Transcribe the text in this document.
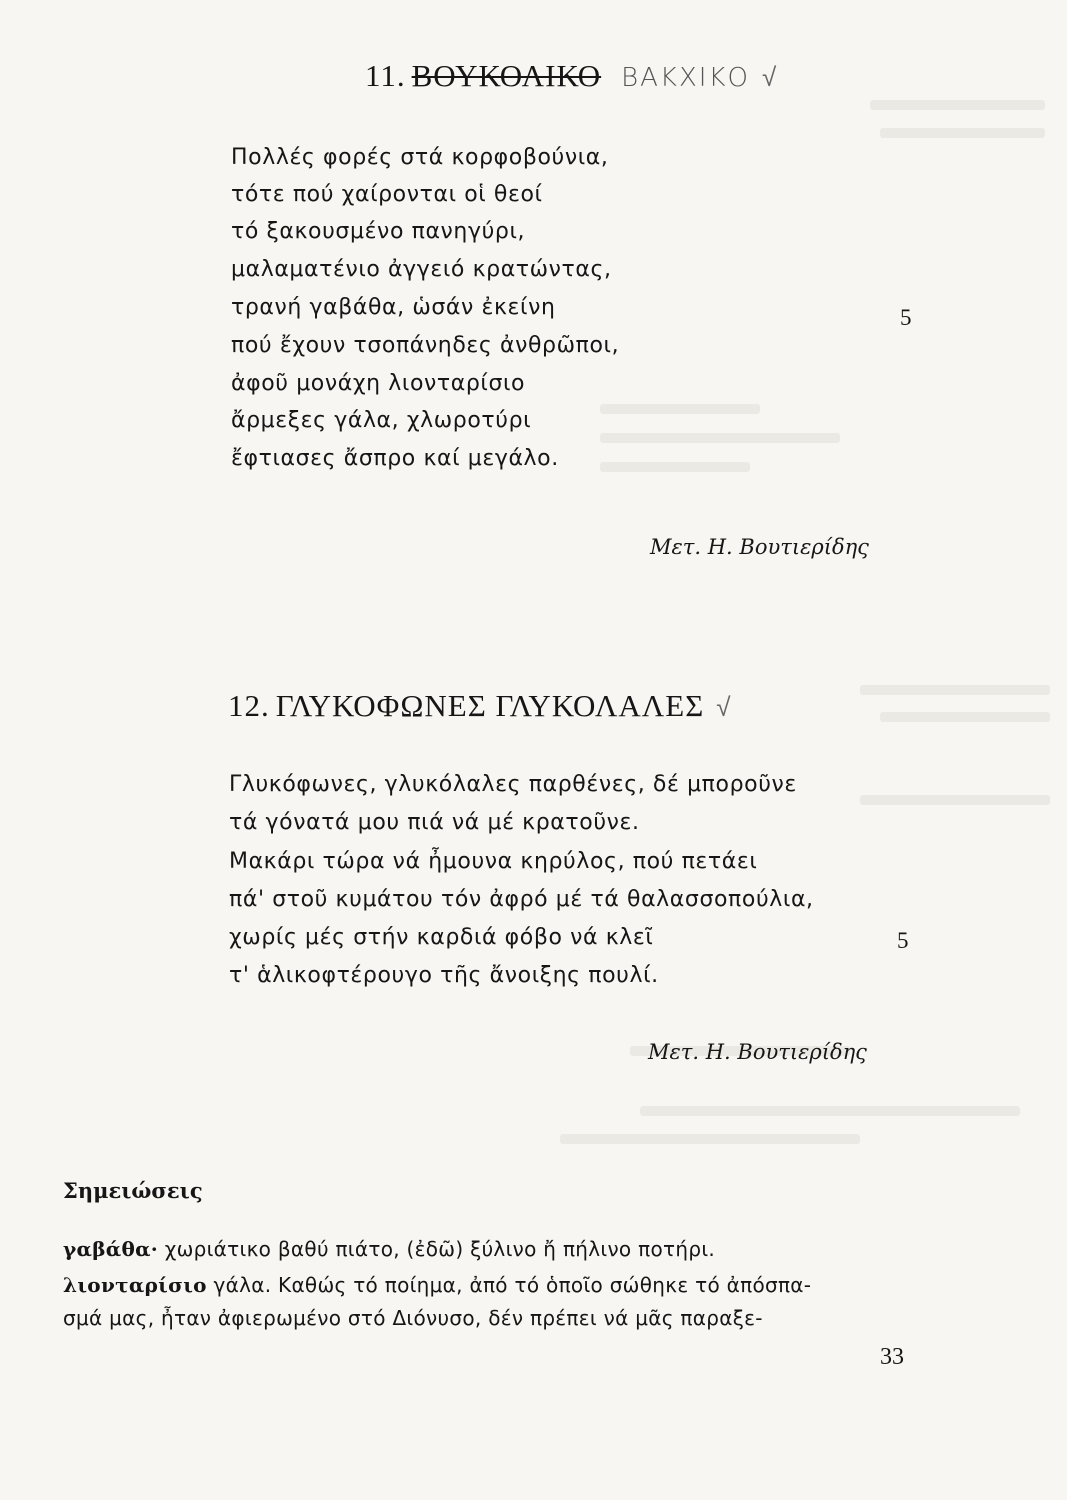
11. ΒΟΥΚΟΛΙΚΟ ΒΑΚΧΙΚΟ √
Πολλές φορές στά κορφοβούνια,
τότε πού χαίρονται οἱ θεοί
τό ξακουσμένο πανηγύρι,
μαλαματένιο ἀγγειό κρατώντας,
τρανή γαβάθα, ὡσάν ἐκείνη
πού ἔχουν τσοπάνηδες ἀνθρῶποι,
ἀφοῦ μονάχη λιονταρίσιο
ἄρμεξες γάλα, χλωροτύρι
ἔφτιασες ἄσπρο καί μεγάλο.
5
Μετ. Η. Βουτιερίδης
12. ΓΛΥΚΟΦΩΝΕΣ ΓΛΥΚΟΛΑΛΕΣ √
Γλυκόφωνες, γλυκόλαλες παρθένες, δέ μποροῦνε
τά γόνατά μου πιά νά μέ κρατοῦνε.
Μακάρι τώρα νά ἦμουνα κηρύλος, πού πετάει
πά' στοῦ κυμάτου τόν ἀφρό μέ τά θαλασσοπούλια,
χωρίς μές στήν καρδιά φόβο νά κλεῖ
τ' ἁλικοφτέρουγο τῆς ἄνοιξης πουλί.
5
Μετ. Η. Βουτιερίδης
Σημειώσεις
γαβάθα· χωριάτικο βαθύ πιάτο, (ἐδῶ) ξύλινο ἤ πήλινο ποτήρι.
λιονταρίσιο γάλα. Καθώς τό ποίημα, ἀπό τό ὁποῖο σώθηκε τό ἀπόσπα-
σμά μας, ἦταν ἀφιερωμένο στό Διόνυσο, δέν πρέπει νά μᾶς παραξε-
33
